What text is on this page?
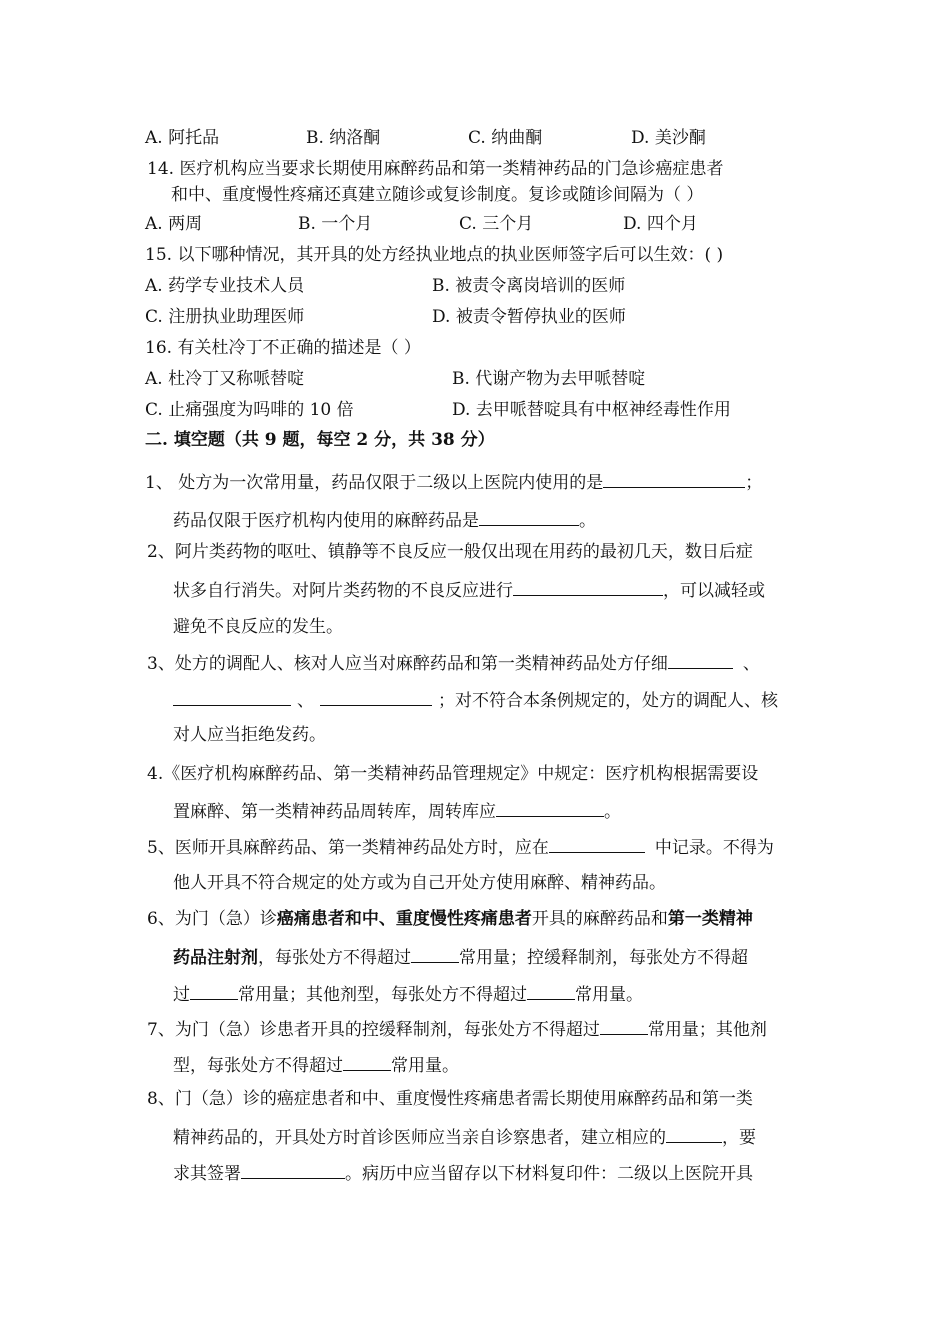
A. 阿托品	B. 纳洛酮	C. 纳曲酮	D. 美沙酮
14. 医疗机构应当要求长期使用麻醉药品和第一类精神药品的门急诊癌症患者
和中、重度慢性疼痛还真建立随诊或复诊制度。复诊或随诊间隔为（ ）
A. 两周	B. 一个月	C. 三个月	D. 四个月
15. 以下哪种情况，其开具的处方经执业地点的执业医师签字后可以生效：( )
A. 药学专业技术人员	B. 被责令离岗培训的医师
C. 注册执业助理医师	D. 被责令暂停执业的医师
16. 有关杜冷丁不正确的描述是（ ）
A. 杜冷丁又称哌替啶	B. 代谢产物为去甲哌替啶
C. 止痛强度为吗啡的 10 倍	D. 去甲哌替啶具有中枢神经毒性作用
二. 填空题（共 9 题，每空 2 分，共 38 分）
1、 处方为一次常用量，药品仅限于二级以上医院内使用的是	；
药品仅限于医疗机构内使用的麻醉药品是	。
2、阿片类药物的呕吐、镇静等不良反应一般仅出现在用药的最初几天，数日后症
状多自行消失。对阿片类药物的不良反应进行	，可以减轻或
避免不良反应的发生。
3、处方的调配人、核对人应当对麻醉药品和第一类精神药品处方仔细	、
、	；对不符合本条例规定的，处方的调配人、核
对人应当拒绝发药。
4.《医疗机构麻醉药品、第一类精神药品管理规定》中规定：医疗机构根据需要设
置麻醉、第一类精神药品周转库，周转库应	。
5、医师开具麻醉药品、第一类精神药品处方时，应在	中记录。不得为
他人开具不符合规定的处方或为自己开处方使用麻醉、精神药品。
6、为门（急）诊癌痛患者和中、重度慢性疼痛患者开具的麻醉药品和第一类精神
药品注射剂，每张处方不得超过	常用量；控缓释制剂，每张处方不得超
过	常用量；其他剂型，每张处方不得超过	常用量。
7、为门（急）诊患者开具的控缓释制剂，每张处方不得超过	常用量；其他剂
型，每张处方不得超过	常用量。
8、门（急）诊的癌症患者和中、重度慢性疼痛患者需长期使用麻醉药品和第一类
精神药品的，开具处方时首诊医师应当亲自诊察患者，建立相应的	，要
求其签署	。病历中应当留存以下材料复印件：二级以上医院开具
